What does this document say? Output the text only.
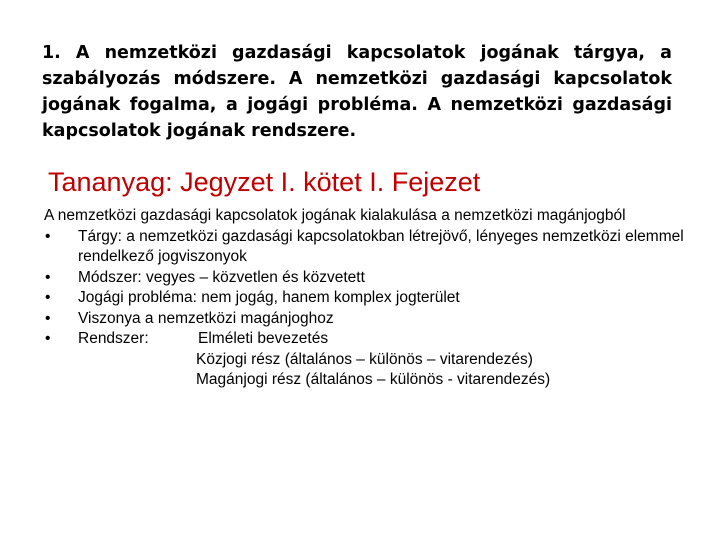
1. A nemzetközi gazdasági kapcsolatok jogának tárgya, a szabályozás módszere. A nemzetközi gazdasági kapcsolatok jogának fogalma, a jogági probléma. A nemzetközi gazdasági kapcsolatok jogának rendszere.
Tananyag: Jegyzet I. kötet I. Fejezet

A nemzetközi gazdasági kapcsolatok jogának kialakulása a nemzetközi magánjogból

• Tárgy: a nemzetközi gazdasági kapcsolatokban létrejövő, lényeges nemzetközi elemmel rendelkező jogviszonyok
• Módszer: vegyes – közvetlen és közvetett
• Jogági probléma: nem jogág, hanem komplex jogterület
• Viszonya a nemzetközi magánjoghoz
• Rendszer:	Elméleti bevezetés
Közjogi rész (általános – különös – vitarendezés)
Magánjogi rész (általános – különös - vitarendezés)
